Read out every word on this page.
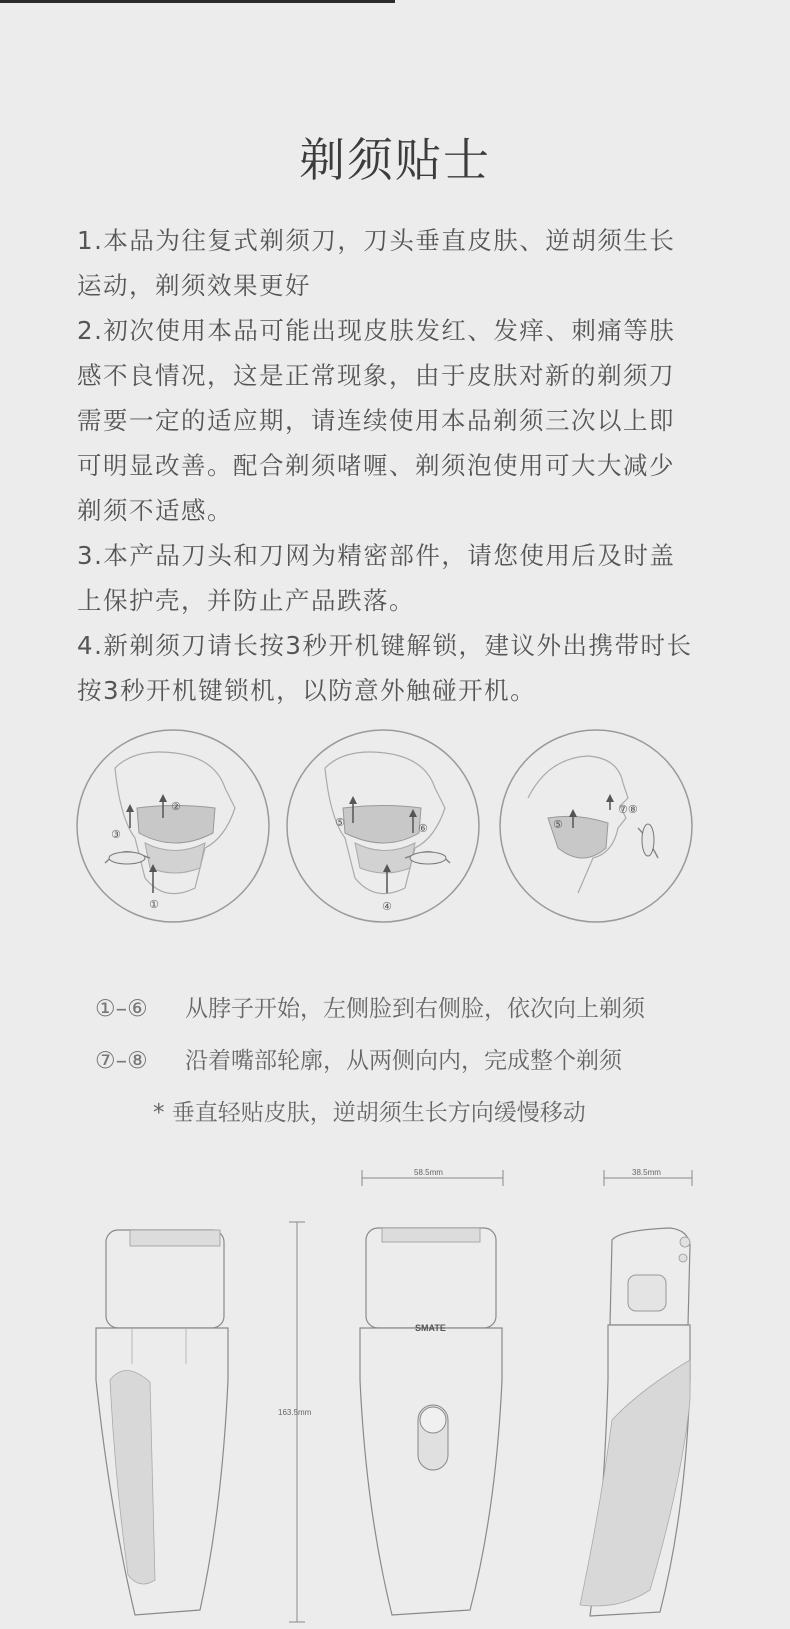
剃须贴士
1.本品为往复式剃须刀，刀头垂直皮肤、逆胡须生长
运动，剃须效果更好
2.初次使用本品可能出现皮肤发红、发痒、刺痛等肤
感不良情况，这是正常现象，由于皮肤对新的剃须刀
需要一定的适应期，请连续使用本品剃须三次以上即
可明显改善。配合剃须啫喱、剃须泡使用可大大减少
剃须不适感。
3.本产品刀头和刀网为精密部件，请您使用后及时盖
上保护壳，并防止产品跌落。
4.新剃须刀请长按3秒开机键解锁，建议外出携带时长
按3秒开机键锁机，以防意外触碰开机。
①
②
③
④
⑤	⑥	⑤
⑦⑧
①–⑥ 从脖子开始，左侧脸到右侧脸，依次向上剃须
⑦–⑧ 沿着嘴部轮廓，从两侧向内，完成整个剃须
* 垂直轻贴皮肤，逆胡须生长方向缓慢移动
58.5mm	38.5mm
163.5mm
SMATE
